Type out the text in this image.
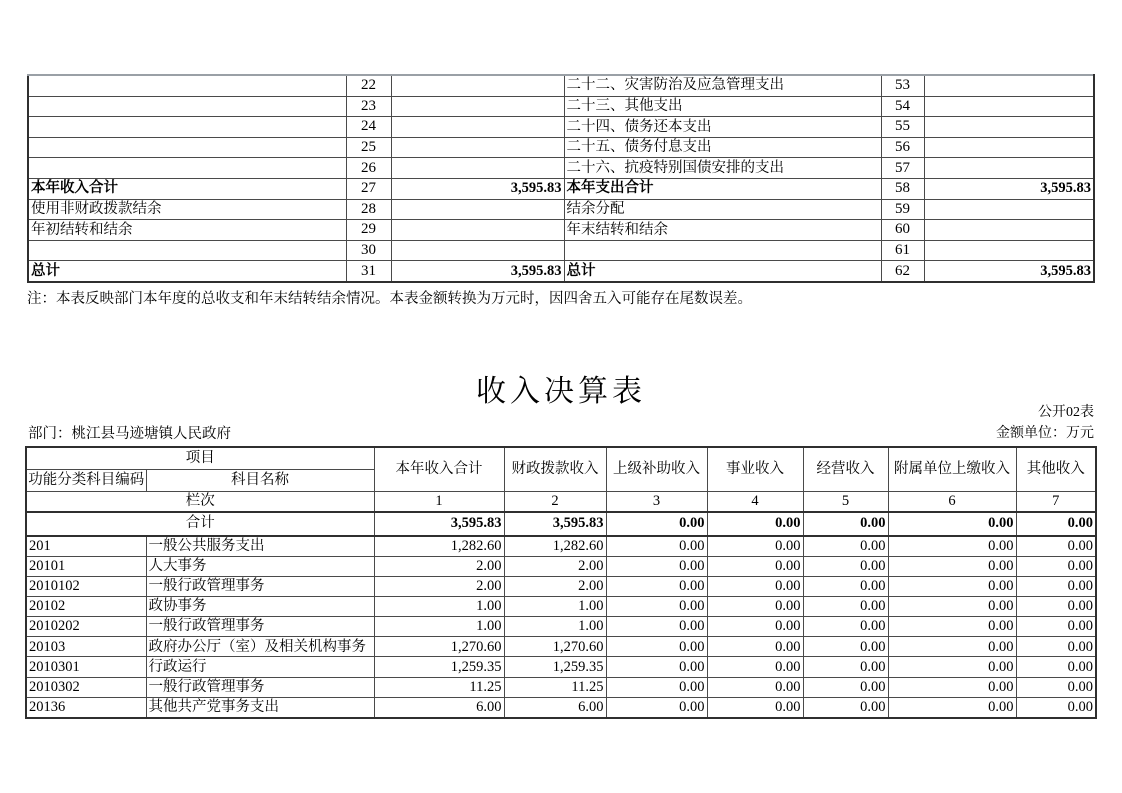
	22		二十二、灾害防治及应急管理支出	53	
	23		二十三、其他支出	54	
	24		二十四、债务还本支出	55	
	25		二十五、债务付息支出	56	
	26		二十六、抗疫特别国债安排的支出	57	
本年收入合计	27	3,595.83	本年支出合计	58	3,595.83
使用非财政拨款结余	28		结余分配	59	
年初结转和结余	29		年末结转和结余	60	
	30			61	
总计	31	3,595.83	总计	62	3,595.83
注：本表反映部门本年度的总收支和年末结转结余情况。本表金额转换为万元时，因四舍五入可能存在尾数误差。
收入决算表
公开02表
部门：桃江县马迹塘镇人民政府	金额单位：万元
项目		本年收入合计	财政拨款收入	上级补助收入	事业收入	经营收入	附属单位上缴收入	其他收入
功能分类科目编码	科目名称							
栏次		1	2	3	4	5	6	7
合计		3,595.83	3,595.83	0.00	0.00	0.00	0.00	0.00
201	一般公共服务支出	1,282.60	1,282.60	0.00	0.00	0.00	0.00	0.00
20101	人大事务	2.00	2.00	0.00	0.00	0.00	0.00	0.00
2010102	一般行政管理事务	2.00	2.00	0.00	0.00	0.00	0.00	0.00
20102	政协事务	1.00	1.00	0.00	0.00	0.00	0.00	0.00
2010202	一般行政管理事务	1.00	1.00	0.00	0.00	0.00	0.00	0.00
20103	政府办公厅（室）及相关机构事务	1,270.60	1,270.60	0.00	0.00	0.00	0.00	0.00
2010301	行政运行	1,259.35	1,259.35	0.00	0.00	0.00	0.00	0.00
2010302	一般行政管理事务	11.25	11.25	0.00	0.00	0.00	0.00	0.00
20136	其他共产党事务支出	6.00	6.00	0.00	0.00	0.00	0.00	0.00
